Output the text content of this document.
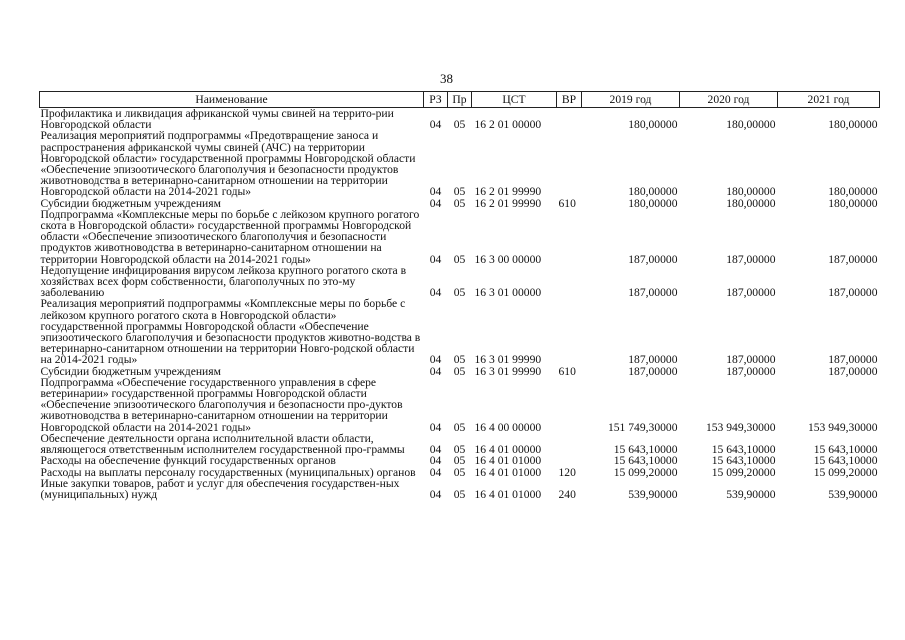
38
Наименование	РЗ	Пр	ЦСТ	ВР	2019 год	2020 год	2021 год
Профилактика и ликвидация африканской чумы свиней на террито-рии Новгородской области	04	05	16 2 01 00000		180,00000	180,00000	180,00000
Реализация мероприятий подпрограммы «Предотвращение заноса и распространения африканской чумы свиней (АЧС) на территории Новгородской области» государственной программы Новгородской области «Обеспечение эпизоотического благополучия и безопасности продуктов животноводства в ветеринарно-санитарном отношении на территории Новгородской области на 2014-2021 годы»	04	05	16 2 01 99990		180,00000	180,00000	180,00000
Субсидии бюджетным учреждениям	04	05	16 2 01 99990	610	180,00000	180,00000	180,00000
Подпрограмма «Комплексные меры по борьбе с лейкозом крупного рогатого скота в Новгородской области» государственной программы Новгородской области «Обеспечение эпизоотического благополучия и безопасности продуктов животноводства в ветеринарно-санитарном отношении на территории Новгородской области на 2014-2021 годы»	04	05	16 3 00 00000		187,00000	187,00000	187,00000
Недопущение инфицирования вирусом лейкоза крупного рогатого скота в хозяйствах всех форм собственности, благополучных по это-му заболеванию	04	05	16 3 01 00000		187,00000	187,00000	187,00000
Реализация мероприятий подпрограммы «Комплексные меры по борьбе с лейкозом крупного рогатого скота в Новгородской области» государственной программы Новгородской области «Обеспечение эпизоотического благополучия и безопасности продуктов животно-водства в ветеринарно-санитарном отношении на территории Новго-родской области на 2014-2021 годы»	04	05	16 3 01 99990		187,00000	187,00000	187,00000
Субсидии бюджетным учреждениям	04	05	16 3 01 99990	610	187,00000	187,00000	187,00000
Подпрограмма «Обеспечение государственного управления в сфере ветеринарии» государственной программы Новгородской области «Обеспечение эпизоотического благополучия и безопасности про-дуктов животноводства в ветеринарно-санитарном отношении на территории Новгородской области на 2014-2021 годы»	04	05	16 4 00 00000		151 749,30000	153 949,30000	153 949,30000
Обеспечение деятельности органа исполнительной власти области, являющегося ответственным исполнителем государственной про-граммы	04	05	16 4 01 00000		15 643,10000	15 643,10000	15 643,10000
Расходы на обеспечение функций государственных органов	04	05	16 4 01 01000		15 643,10000	15 643,10000	15 643,10000
Расходы на выплаты персоналу государственных (муниципальных) органов	04	05	16 4 01 01000	120	15 099,20000	15 099,20000	15 099,20000
Иные закупки товаров, работ и услуг для обеспечения государствен-ных (муниципальных) нужд	04	05	16 4 01 01000	240	539,90000	539,90000	539,90000
